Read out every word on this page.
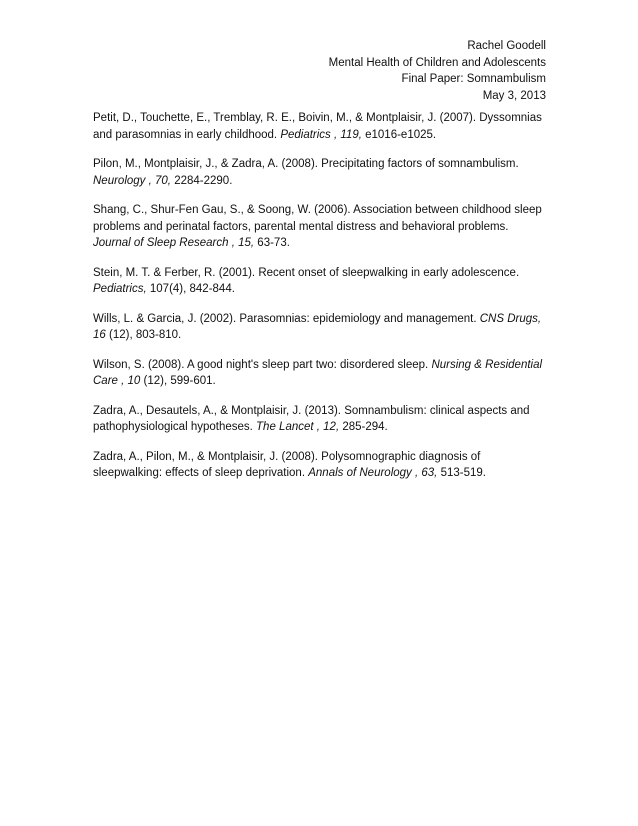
Rachel Goodell
Mental Health of Children and Adolescents
Final Paper: Somnambulism
May 3, 2013

Petit, D., Touchette, E., Tremblay, R. E., Boivin, M., & Montplaisir, J. (2007). Dyssomnias and parasomnias in early childhood. Pediatrics , 119, e1016-e1025.

Pilon, M., Montplaisir, J., & Zadra, A. (2008). Precipitating factors of somnambulism. Neurology , 70, 2284-2290.

Shang, C., Shur-Fen Gau, S., & Soong, W. (2006). Association between childhood sleep problems and perinatal factors, parental mental distress and behavioral problems. Journal of Sleep Research , 15, 63-73.

Stein, M. T. & Ferber, R. (2001). Recent onset of sleepwalking in early adolescence. Pediatrics, 107(4), 842-844.

Wills, L. & Garcia, J. (2002). Parasomnias: epidemiology and management. CNS Drugs, 16 (12), 803-810.

Wilson, S. (2008). A good night's sleep part two: disordered sleep. Nursing & Residential Care , 10 (12), 599-601.

Zadra, A., Desautels, A., & Montplaisir, J. (2013). Somnambulism: clinical aspects and pathophysiological hypotheses. The Lancet , 12, 285-294.

Zadra, A., Pilon, M., & Montplaisir, J. (2008). Polysomnographic diagnosis of sleepwalking: effects of sleep deprivation. Annals of Neurology , 63, 513-519.
